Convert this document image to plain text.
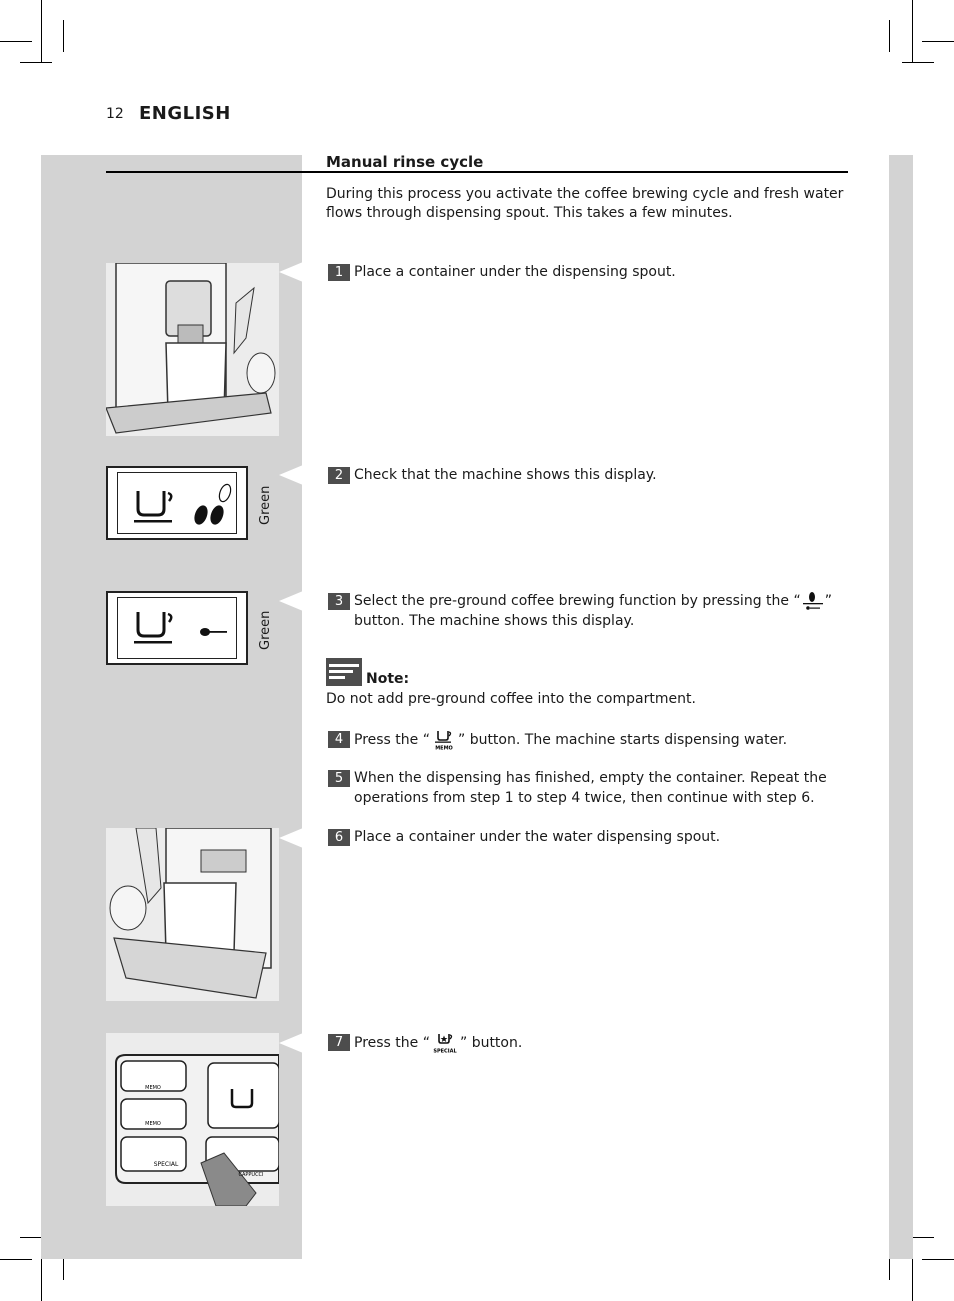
12 ENGLISH
Manual rinse cycle
During this process you activate the coffee brewing cycle and fresh water flows through dispensing spout. This takes a few minutes.
Green
Green
MEMO
MEMO
SPECIAL
CAPPUCCI
1 Place a container under the dispensing spout.
2 Check that the machine shows this display.
3 Select the pre-ground coffee brewing function by pressing the “ ” button. The machine shows this display.
Note:
Do not add pre-ground coffee into the compartment.
4 Press the “
MEMO
” button. The machine starts dispensing water.
5 When the dispensing has finished, empty the container. Repeat the operations from step 1 to step 4 twice, then continue with step 6.
6 Place a container under the water dispensing spout.
7 Press the “
SPECIAL
” button.
